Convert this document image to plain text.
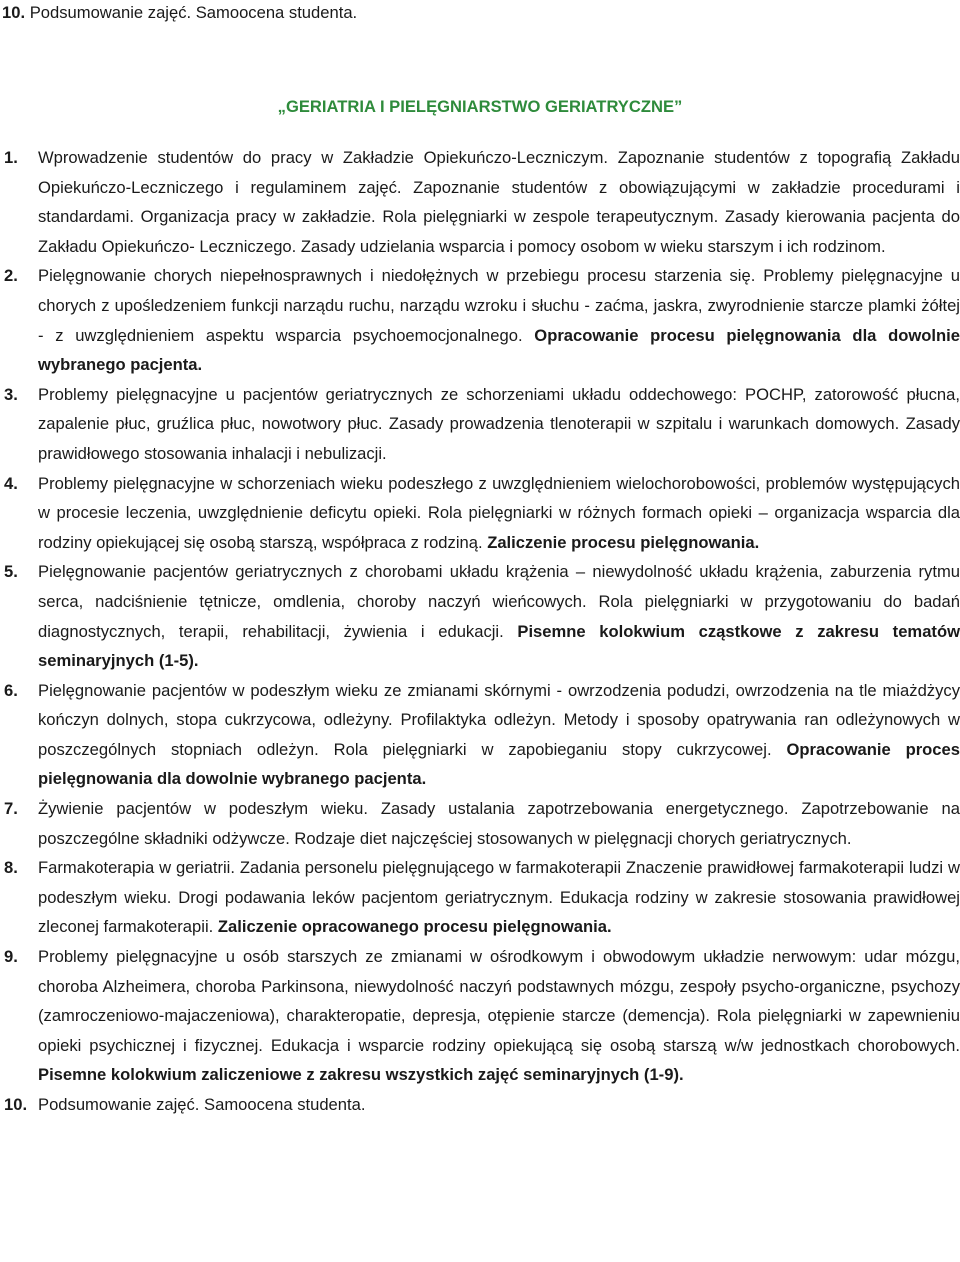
10. Podsumowanie zajęć. Samoocena studenta.
„GERIATRIA I PIELĘGNIARSTWO GERIATRYCZNE”
1. Wprowadzenie studentów do pracy w Zakładzie Opiekuńczo-Leczniczym. Zapoznanie studentów z topografią Zakładu Opiekuńczo-Leczniczego i regulaminem zajęć. Zapoznanie studentów z obowiązującymi w zakładzie procedurami i standardami. Organizacja pracy w zakładzie. Rola pielęgniarki w zespole terapeutycznym. Zasady kierowania pacjenta do Zakładu Opiekuńczo- Leczniczego. Zasady udzielania wsparcia i pomocy osobom w wieku starszym i ich rodzinom.
2. Pielęgnowanie chorych niepełnosprawnych i niedołężnych w przebiegu procesu starzenia się. Problemy pielęgnacyjne u chorych z upośledzeniem funkcji narządu ruchu, narządu wzroku i słuchu - zaćma, jaskra, zwyrodnienie starcze plamki żółtej - z uwzględnieniem aspektu wsparcia psychoemocjonalnego. Opracowanie procesu pielęgnowania dla dowolnie wybranego pacjenta.
3. Problemy pielęgnacyjne u pacjentów geriatrycznych ze schorzeniami układu oddechowego: POCHP, zatorowość płucna, zapalenie płuc, gruźlica płuc, nowotwory płuc. Zasady prowadzenia tlenoterapii w szpitalu i warunkach domowych. Zasady prawidłowego stosowania inhalacji i nebulizacji.
4. Problemy pielęgnacyjne w schorzeniach wieku podeszłego z uwzględnieniem wielochorobowości, problemów występujących w procesie leczenia, uwzględnienie deficytu opieki. Rola pielęgniarki w różnych formach opieki – organizacja wsparcia dla rodziny opiekującej się osobą starszą, współpraca z rodziną. Zaliczenie procesu pielęgnowania.
5. Pielęgnowanie pacjentów geriatrycznych z chorobami układu krążenia – niewydolność układu krążenia, zaburzenia rytmu serca, nadciśnienie tętnicze, omdlenia, choroby naczyń wieńcowych. Rola pielęgniarki w przygotowaniu do badań diagnostycznych, terapii, rehabilitacji, żywienia i edukacji. Pisemne kolokwium cząstkowe z zakresu tematów seminaryjnych (1-5).
6. Pielęgnowanie pacjentów w podeszłym wieku ze zmianami skórnymi - owrzodzenia podudzi, owrzodzenia na tle miażdżycy kończyn dolnych, stopa cukrzycowa, odleżyny. Profilaktyka odleżyn. Metody i sposoby opatrywania ran odleżynowych w poszczególnych stopniach odleżyn. Rola pielęgniarki w zapobieganiu stopy cukrzycowej. Opracowanie proces pielęgnowania dla dowolnie wybranego pacjenta.
7. Żywienie pacjentów w podeszłym wieku. Zasady ustalania zapotrzebowania energetycznego. Zapotrzebowanie na poszczególne składniki odżywcze. Rodzaje diet najczęściej stosowanych w pielęgnacji chorych geriatrycznych.
8. Farmakoterapia w geriatrii. Zadania personelu pielęgnującego w farmakoterapii Znaczenie prawidłowej farmakoterapii ludzi w podeszłym wieku. Drogi podawania leków pacjentom geriatrycznym. Edukacja rodziny w zakresie stosowania prawidłowej zleconej farmakoterapii. Zaliczenie opracowanego procesu pielęgnowania.
9. Problemy pielęgnacyjne u osób starszych ze zmianami w ośrodkowym i obwodowym układzie nerwowym: udar mózgu, choroba Alzheimera, choroba Parkinsona, niewydolność naczyń podstawnych mózgu, zespoły psycho-organiczne, psychozy (zamroczeniowo-majaczeniowa), charakteropatie, depresja, otępienie starcze (demencja). Rola pielęgniarki w zapewnieniu opieki psychicznej i fizycznej. Edukacja i wsparcie rodziny opiekującą się osobą starszą w/w jednostkach chorobowych. Pisemne kolokwium zaliczeniowe z zakresu wszystkich zajęć seminaryjnych (1-9).
10. Podsumowanie zajęć. Samoocena studenta.
